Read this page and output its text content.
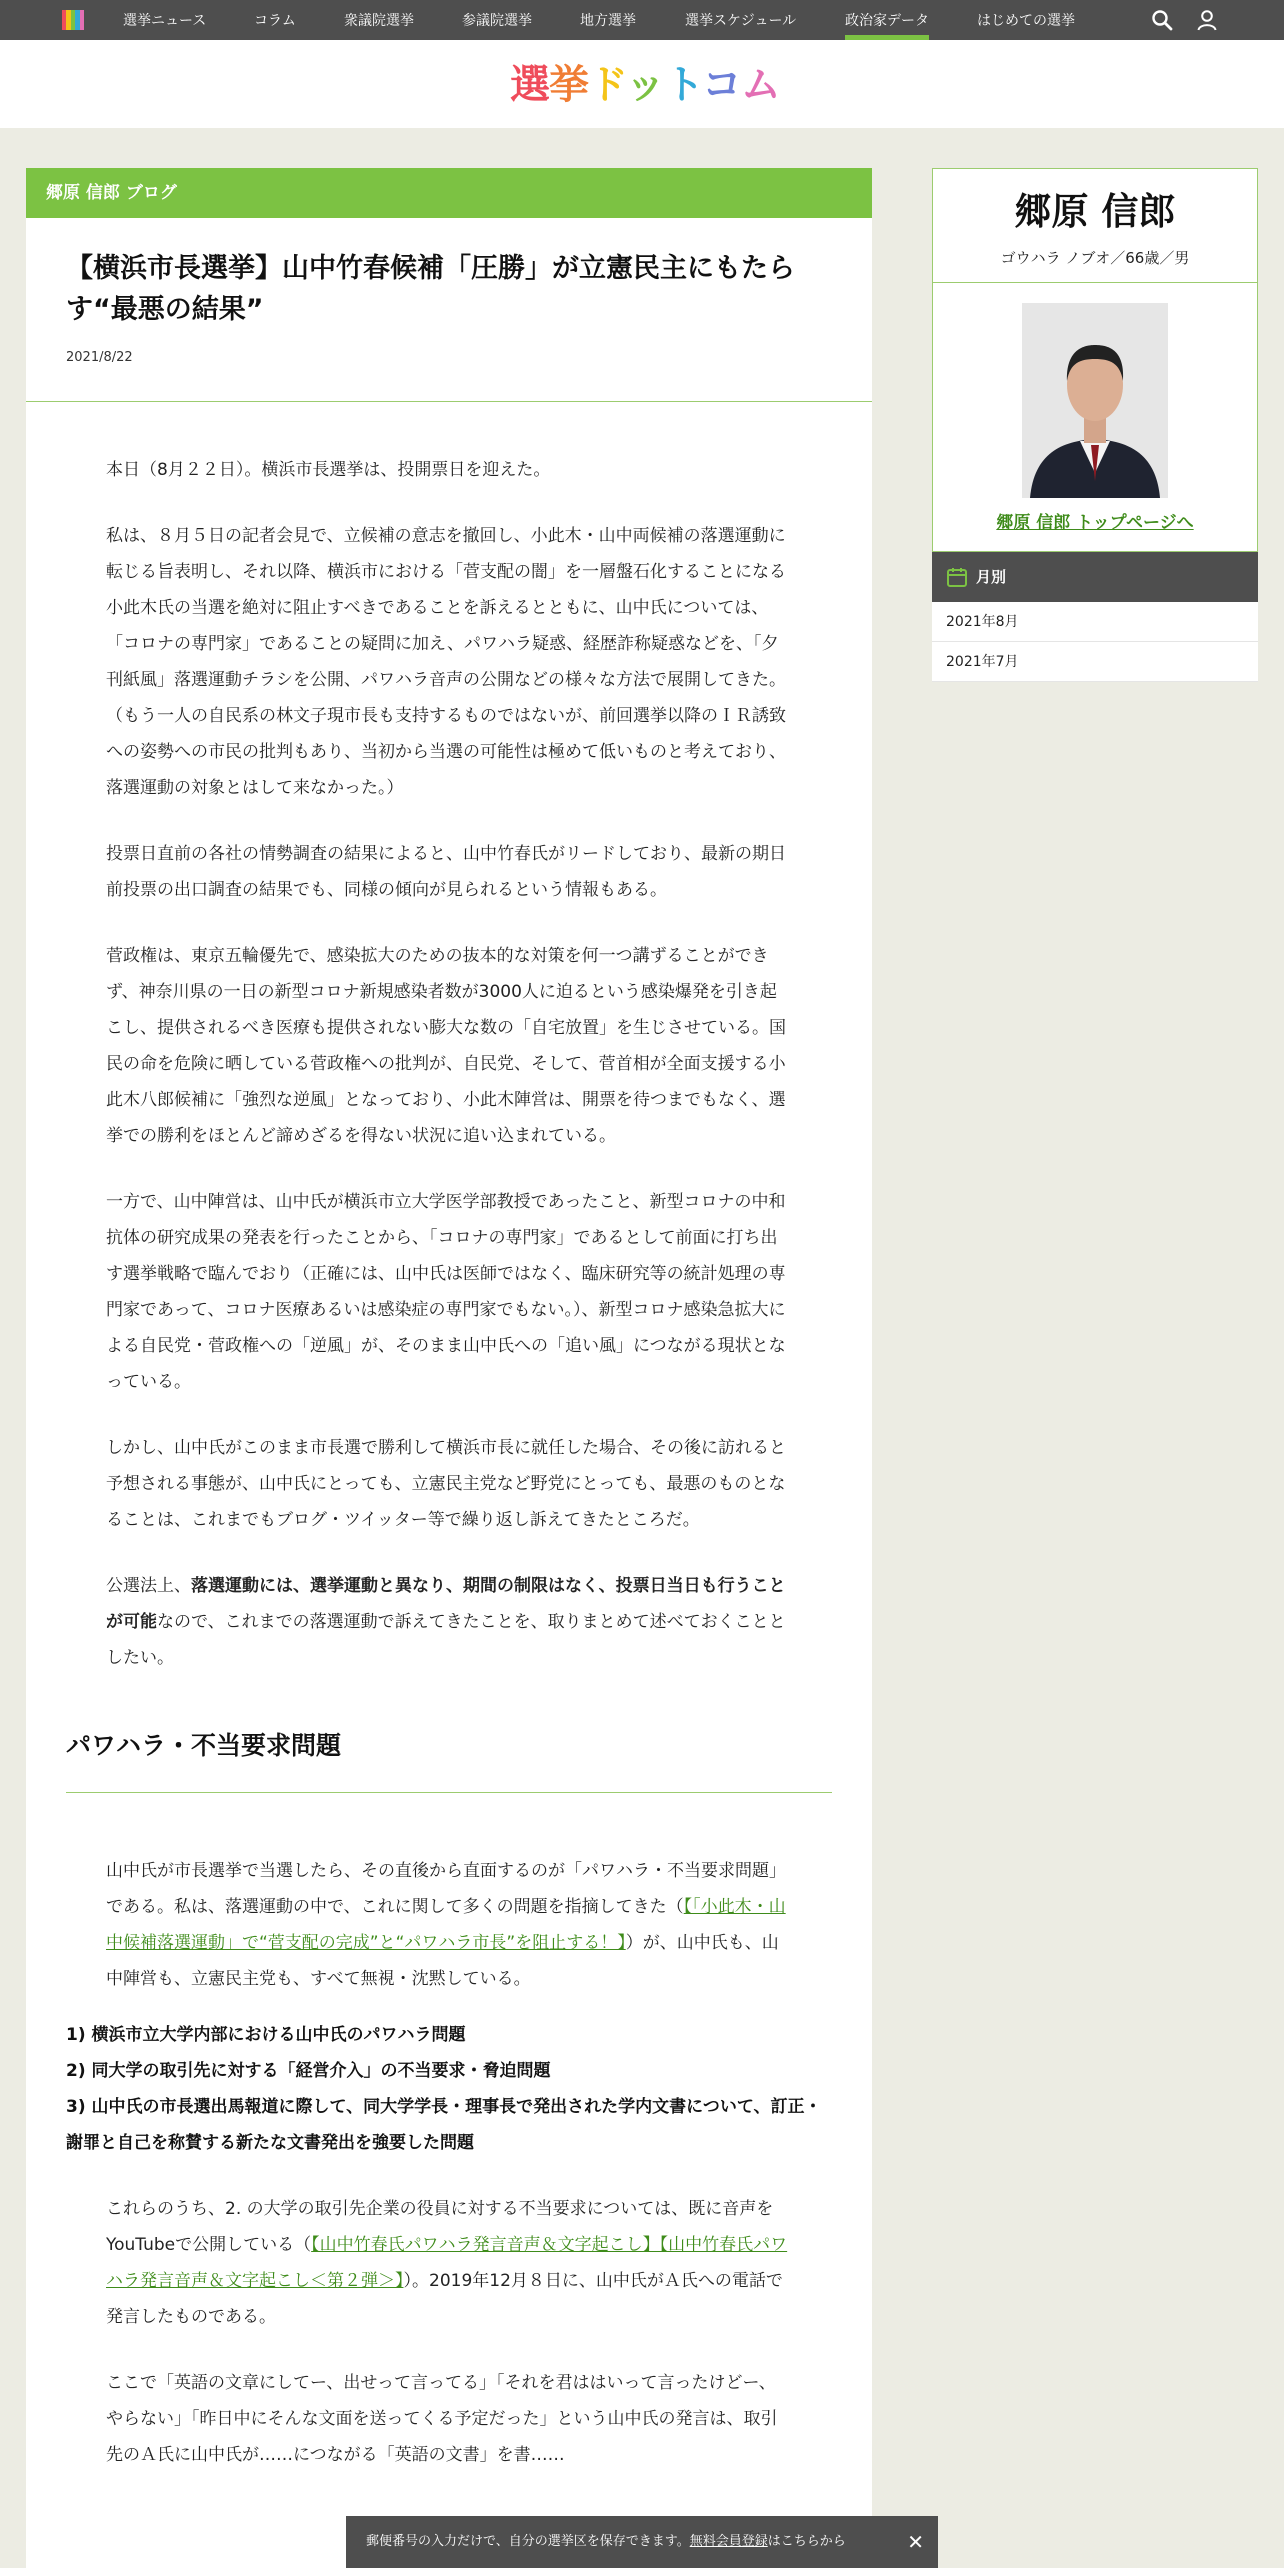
選挙ニュース	コラム	衆議院選挙	参議院選挙	地方選挙	選挙スケジュール	政治家データ	はじめての選挙
選挙ドットコム
郷原 信郎 ブログ
【横浜市長選挙】山中竹春候補「圧勝」が立憲民主にもたらす“最悪の結果”
2021/8/22

本日（8月２２日）。横浜市長選挙は、投開票日を迎えた。

私は、８月５日の記者会見で、立候補の意志を撤回し、小此木・山中両候補の落選運動に転じる旨表明し、それ以降、横浜市における「菅支配の闇」を一層盤石化することになる小此木氏の当選を絶対に阻止すべきであることを訴えるとともに、山中氏については、「コロナの専門家」であることの疑問に加え、パワハラ疑惑、経歴詐称疑惑などを、「夕刊紙風」落選運動チラシを公開、パワハラ音声の公開などの様々な方法で展開してきた。（もう一人の自民系の林文子現市長も支持するものではないが、前回選挙以降のＩＲ誘致への姿勢への市民の批判もあり、当初から当選の可能性は極めて低いものと考えており、落選運動の対象とはして来なかった。）

投票日直前の各社の情勢調査の結果によると、山中竹春氏がリードしており、最新の期日前投票の出口調査の結果でも、同様の傾向が見られるという情報もある。

菅政権は、東京五輪優先で、感染拡大のための抜本的な対策を何一つ講ずることができず、神奈川県の一日の新型コロナ新規感染者数が3000人に迫るという感染爆発を引き起こし、提供されるべき医療も提供されない膨大な数の「自宅放置」を生じさせている。国民の命を危険に晒している菅政権への批判が、自民党、そして、菅首相が全面支援する小此木八郎候補に「強烈な逆風」となっており、小此木陣営は、開票を待つまでもなく、選挙での勝利をほとんど諦めざるを得ない状況に追い込まれている。

一方で、山中陣営は、山中氏が横浜市立大学医学部教授であったこと、新型コロナの中和抗体の研究成果の発表を行ったことから、「コロナの専門家」であるとして前面に打ち出す選挙戦略で臨んでおり（正確には、山中氏は医師ではなく、臨床研究等の統計処理の専門家であって、コロナ医療あるいは感染症の専門家でもない。）、新型コロナ感染急拡大による自民党・菅政権への「逆風」が、そのまま山中氏への「追い風」につながる現状となっている。

しかし、山中氏がこのまま市長選で勝利して横浜市長に就任した場合、その後に訪れると予想される事態が、山中氏にとっても、立憲民主党など野党にとっても、最悪のものとなることは、これまでもブログ・ツイッター等で繰り返し訴えてきたところだ。

公選法上、落選運動には、選挙運動と異なり、期間の制限はなく、投票日当日も行うことが可能なので、これまでの落選運動で訴えてきたことを、取りまとめて述べておくこととしたい。

パワハラ・不当要求問題

山中氏が市長選挙で当選したら、その直後から直面するのが「パワハラ・不当要求問題」である。私は、落選運動の中で、これに関して多くの問題を指摘してきた（【「小此木・山中候補落選運動」で“菅支配の完成”と“パワハラ市長”を阻止する！】）が、山中氏も、山中陣営も、立憲民主党も、すべて無視・沈黙している。

1) 横浜市立大学内部における山中氏のパワハラ問題
2) 同大学の取引先に対する「経営介入」の不当要求・脅迫問題
3) 山中氏の市長選出馬報道に際して、同大学学長・理事長で発出された学内文書について、訂正・謝罪と自己を称賛する新たな文書発出を強要した問題

これらのうち、2. の大学の取引先企業の役員に対する不当要求については、既に音声をYouTubeで公開している（【山中竹春氏パワハラ発言音声＆文字起こし】【山中竹春氏パワハラ発言音声＆文字起こし＜第２弾＞】）。2019年12月８日に、山中氏がＡ氏への電話で発言したものである。

ここで「英語の文章にしてー、出せって言ってる」「それを君ははいって言ったけどー、やらない」「昨日中にそんな文面を送ってくる予定だった」という山中氏の発言は、取引先のＡ氏に山中氏が……につながる「英語の文書」を書……

郷原 信郎
ゴウハラ ノブオ／66歳／男
郷原 信郎 トップページへ
月別
2021年8月
2021年7月
郵便番号の入力だけで、自分の選挙区を保存できます。無料会員登録はこちらから	✕
